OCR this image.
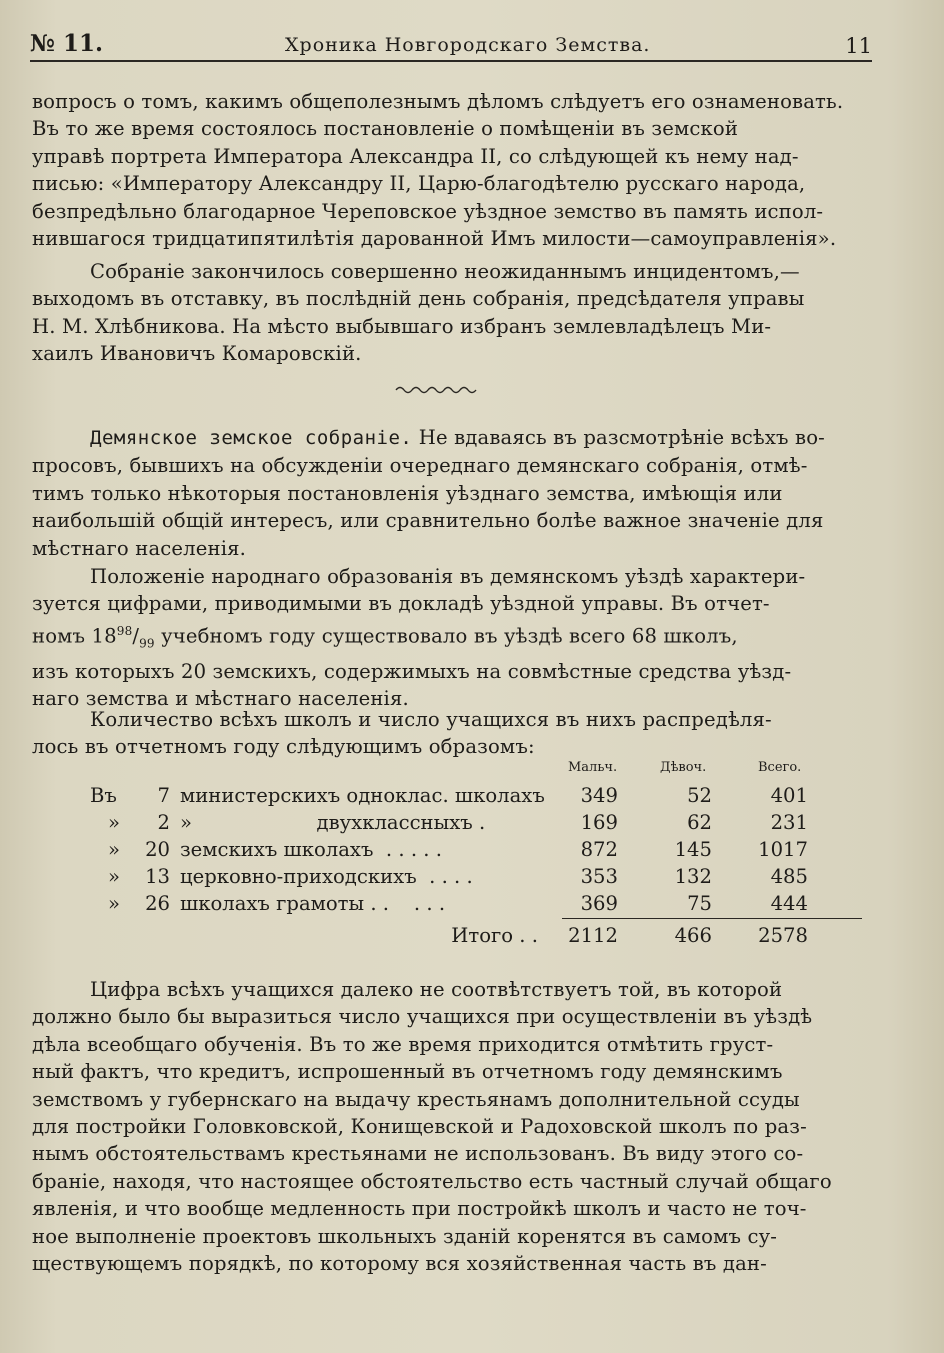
№ 11.	Хроника Новгородскаго Земства.	11

вопросъ о томъ, какимъ общеполезнымъ дѣломъ слѣдуетъ его ознаменовать.

Въ то же время состоялось постановленіе о помѣщеніи въ земской

управѣ портрета Императора Александра II, со слѣдующей къ нему над-

писью: «Императору Александру II, Царю-благодѣтелю русскаго народа,

безпредѣльно благодарное Череповское уѣздное земство въ память испол-

нившагося тридцатипятилѣтія дарованной Имъ милости—самоуправленія».

Собраніе закончилось совершенно неожиданнымъ инцидентомъ,—

выходомъ въ отставку, въ послѣдній день собранія, предсѣдателя управы

Н. М. Хлѣбникова. На мѣсто выбывшаго избранъ землевладѣлецъ Ми-

хаилъ Ивановичъ Комаровскій.

Демянское земское собраніе. Не вдаваясь въ разсмотрѣніе всѣхъ во-

просовъ, бывшихъ на обсужденіи очереднаго демянскаго собранія, отмѣ-

тимъ только нѣкоторыя постановленія уѣзднаго земства, имѣющія или

наибольшій общій интересъ, или сравнительно болѣе важное значеніе для

мѣстнаго населенія.

Положеніе народнаго образованія въ демянскомъ уѣздѣ характери-

зуется цифрами, приводимыми въ докладѣ уѣздной управы. Въ отчет-

номъ $18^{98}/_{99}$ учебномъ году существовало въ уѣздѣ всего 68 школъ,

изъ которыхъ 20 земскихъ, содержимыхъ на совмѣстные средства уѣзд-

наго земства и мѣстнаго населенія.

Количество всѣхъ школъ и число учащихся въ нихъ распредѣля-

лось въ отчетномъ году слѣдующимъ образомъ:

Мальч.	Дѣвоч.	Всего.
Въ	7 министерскихъ одноклас. школахъ	349	52	401
»	2 »                    двухклассныхъ .	169	62	231
»	20 земскихъ школахъ  . . . . .	872	145	1017
»	13 церковно-приходскихъ  . . . .	353	132	485
»	26 школахъ грамоты . .    . . .	369	75	444
Итого . .	2112	466	2578

Цифра всѣхъ учащихся далеко не соотвѣтствуетъ той, въ которой

должно было бы выразиться число учащихся при осуществленіи въ уѣздѣ

дѣла всеобщаго обученія. Въ то же время приходится отмѣтить груст-

ный фактъ, что кредитъ, испрошенный въ отчетномъ году демянскимъ

земствомъ у губернскаго на выдачу крестьянамъ дополнительной ссуды

для постройки Головковской, Конищевской и Радоховской школъ по раз-

нымъ обстоятельствамъ крестьянами не использованъ. Въ виду этого со-

браніе, находя, что настоящее обстоятельство есть частный случай общаго

явленія, и что вообще медленность при постройкѣ школъ и часто не точ-

ное выполненіе проектовъ школьныхъ зданій коренятся въ самомъ су-

ществующемъ порядкѣ, по которому вся хозяйственная часть въ дан-
